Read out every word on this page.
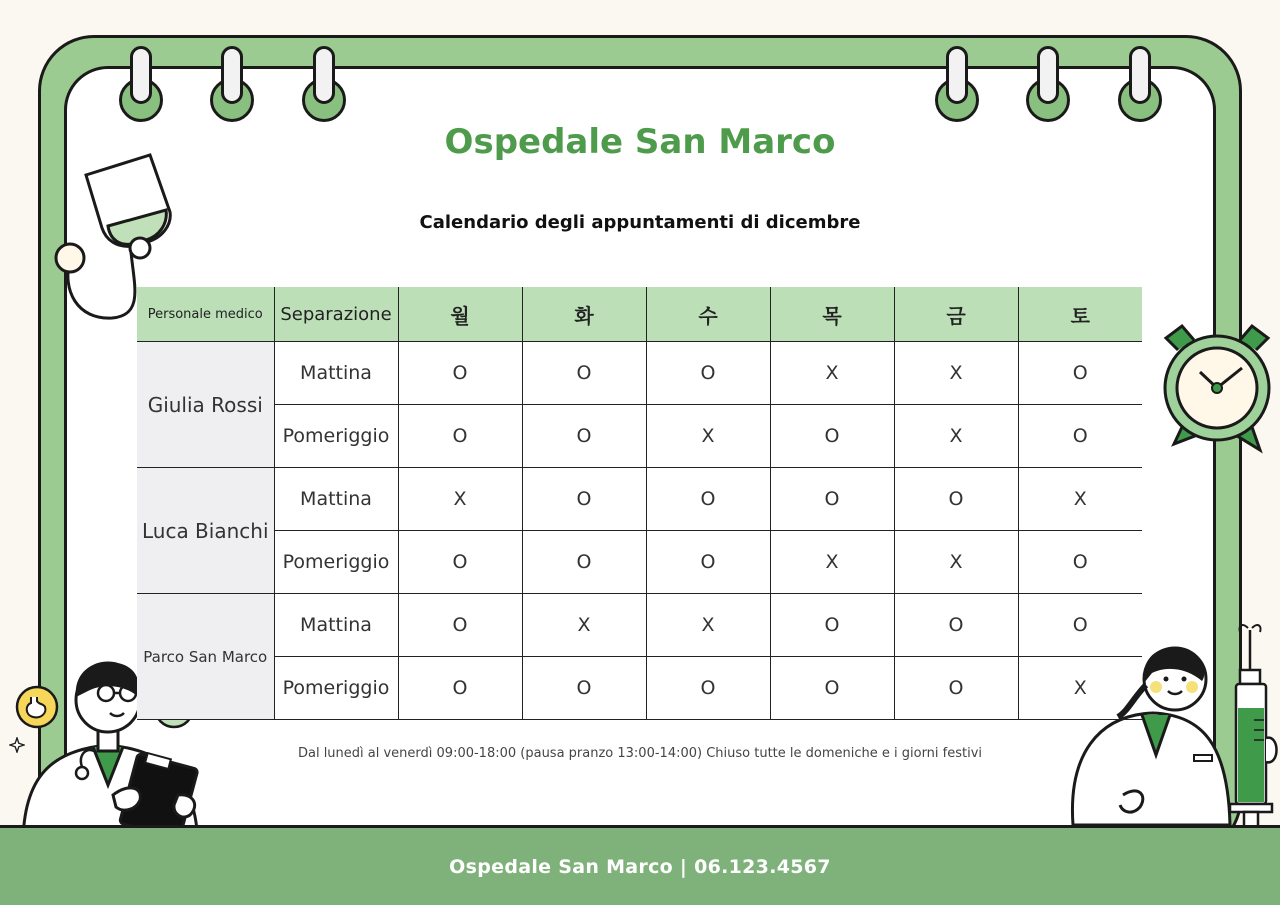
Ospedale San Marco
Calendario degli appuntamenti di dicembre
Personale medico	Separazione	월	화	수	목	금	토
Giulia Rossi	Mattina	O	O	O	X	X	O
	Pomeriggio	O	O	X	O	X	O
Luca Bianchi	Mattina	X	O	O	O	O	X
	Pomeriggio	O	O	O	X	X	O
Parco San Marco	Mattina	O	X	X	O	O	O
	Pomeriggio	O	O	O	O	O	X
Dal lunedì al venerdì 09:00-18:00 (pausa pranzo 13:00-14:00) Chiuso tutte le domeniche e i giorni festivi
Ospedale San Marco | 06.123.4567
